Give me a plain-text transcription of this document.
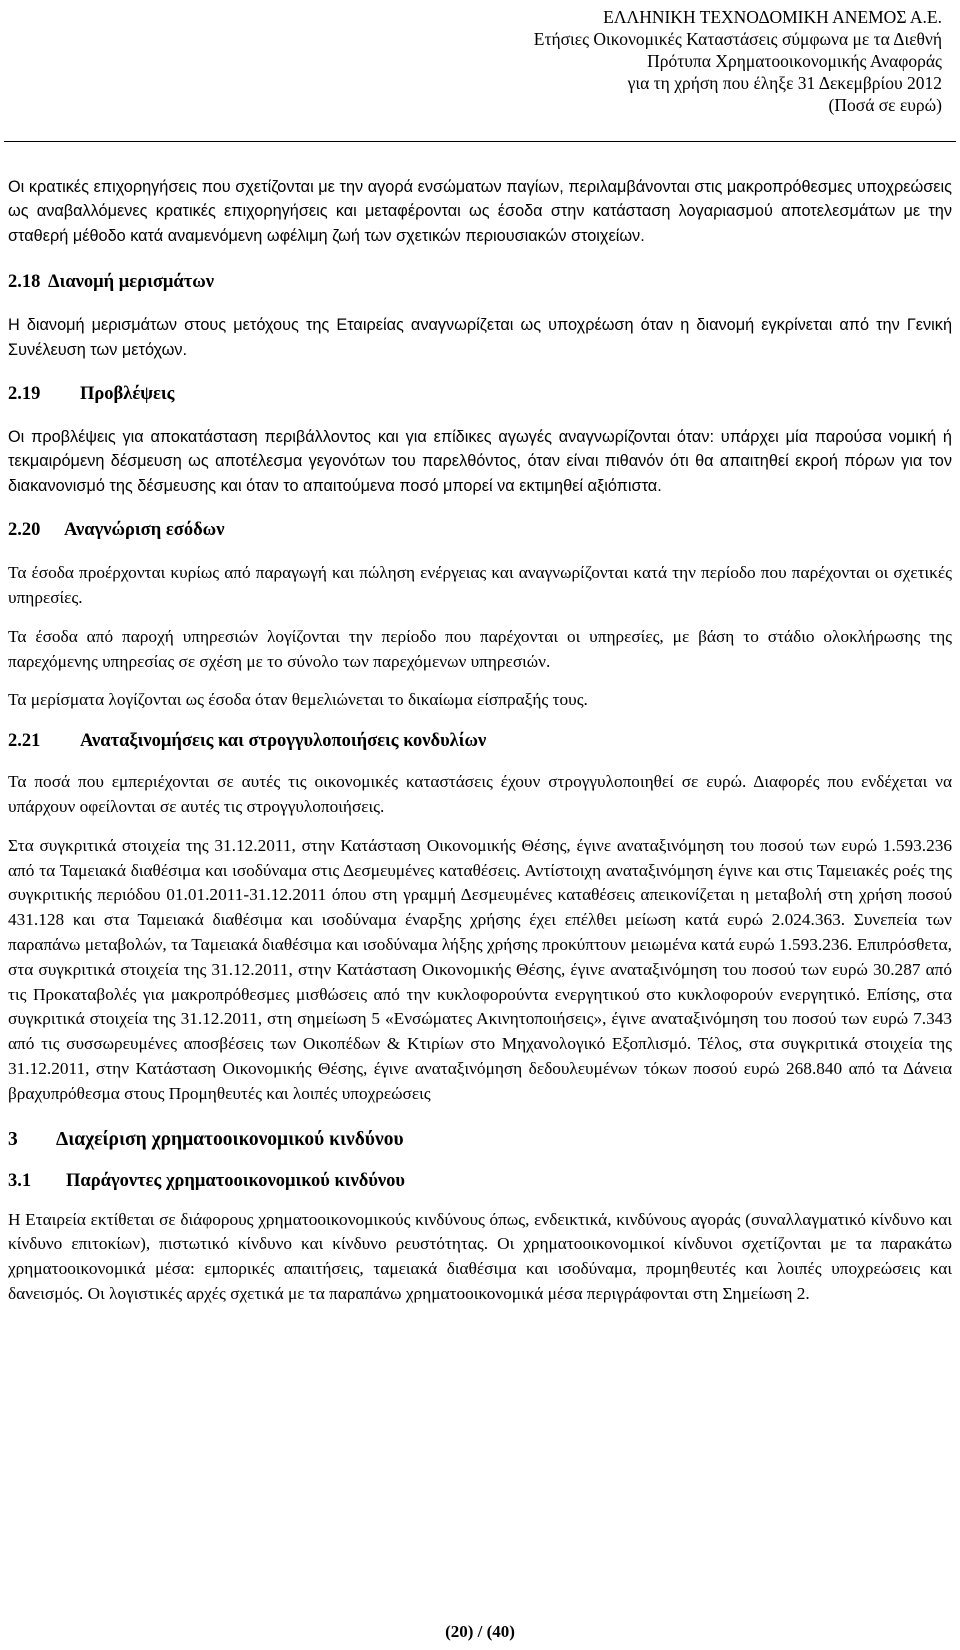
ΕΛΛΗΝΙΚΗ ΤΕΧΝΟΔΟΜΙΚΗ ΑΝΕΜΟΣ Α.Ε.
Ετήσιες Οικονομικές Καταστάσεις σύμφωνα με τα Διεθνή
Πρότυπα Χρηματοοικονομικής Αναφοράς
για τη χρήση που έληξε 31 Δεκεμβρίου 2012
(Ποσά σε ευρώ)

Οι κρατικές επιχορηγήσεις που σχετίζονται με την αγορά ενσώματων παγίων, περιλαμβάνονται στις μακροπρόθεσμες υποχρεώσεις ως αναβαλλόμενες κρατικές επιχορηγήσεις και μεταφέρονται ως έσοδα στην κατάσταση λογαριασμού αποτελεσμάτων με την σταθερή μέθοδο κατά αναμενόμενη ωφέλιμη ζωή των σχετικών περιουσιακών στοιχείων.

2.18 Διανομή μερισμάτων

Η διανομή μερισμάτων στους μετόχους της Εταιρείας αναγνωρίζεται ως υποχρέωση όταν η διανομή εγκρίνεται από την Γενική Συνέλευση των μετόχων.

2.19	Προβλέψεις

Οι προβλέψεις για αποκατάσταση περιβάλλοντος και για επίδικες αγωγές αναγνωρίζονται όταν: υπάρχει μία παρούσα νομική ή τεκμαιρόμενη δέσμευση ως αποτέλεσμα γεγονότων του παρελθόντος, όταν είναι πιθανόν ότι θα απαιτηθεί εκροή πόρων για τον διακανονισμό της δέσμευσης και όταν το απαιτούμενα ποσό μπορεί να εκτιμηθεί αξιόπιστα.

2.20	Αναγνώριση εσόδων

Τα έσοδα προέρχονται κυρίως από παραγωγή και πώληση ενέργειας και αναγνωρίζονται κατά την περίοδο που παρέχονται οι σχετικές υπηρεσίες.

Τα έσοδα από παροχή υπηρεσιών λογίζονται την περίοδο που παρέχονται οι υπηρεσίες, με βάση το στάδιο ολοκλήρωσης της παρεχόμενης υπηρεσίας σε σχέση με το σύνολο των παρεχόμενων υπηρεσιών.

Τα μερίσματα λογίζονται ως έσοδα όταν θεμελιώνεται το δικαίωμα είσπραξής τους.

2.21	Αναταξινομήσεις και στρογγυλοποιήσεις κονδυλίων

Τα ποσά που εμπεριέχονται σε αυτές τις οικονομικές καταστάσεις έχουν στρογγυλοποιηθεί σε ευρώ. Διαφορές που ενδέχεται να υπάρχουν οφείλονται σε αυτές τις στρογγυλοποιήσεις.

Στα συγκριτικά στοιχεία της 31.12.2011, στην Κατάσταση Οικονομικής Θέσης, έγινε αναταξινόμηση του ποσού των ευρώ 1.593.236 από τα Ταμειακά διαθέσιμα και ισοδύναμα στις Δεσμευμένες καταθέσεις. Αντίστοιχη αναταξινόμηση έγινε και στις Ταμειακές ροές της συγκριτικής περιόδου 01.01.2011-31.12.2011 όπου στη γραμμή Δεσμευμένες καταθέσεις απεικονίζεται η μεταβολή στη χρήση ποσού 431.128 και στα Ταμειακά διαθέσιμα και ισοδύναμα έναρξης χρήσης έχει επέλθει μείωση κατά ευρώ 2.024.363. Συνεπεία των παραπάνω μεταβολών, τα Ταμειακά διαθέσιμα και ισοδύναμα λήξης χρήσης προκύπτουν μειωμένα κατά ευρώ 1.593.236. Επιπρόσθετα, στα συγκριτικά στοιχεία της 31.12.2011, στην Κατάσταση Οικονομικής Θέσης, έγινε αναταξινόμηση του ποσού των ευρώ 30.287 από τις Προκαταβολές για μακροπρόθεσμες μισθώσεις από την κυκλοφορούντα ενεργητικού στο κυκλοφορούν ενεργητικό. Επίσης, στα συγκριτικά στοιχεία της 31.12.2011, στη σημείωση 5 «Ενσώματες Ακινητοποιήσεις», έγινε αναταξινόμηση του ποσού των ευρώ 7.343 από τις συσσωρευμένες αποσβέσεις των Οικοπέδων & Κτιρίων στο Μηχανολογικό Εξοπλισμό. Τέλος, στα συγκριτικά στοιχεία της 31.12.2011, στην Κατάσταση Οικονομικής Θέσης, έγινε αναταξινόμηση δεδουλευμένων τόκων ποσού ευρώ 268.840 από τα Δάνεια βραχυπρόθεσμα στους Προμηθευτές και λοιπές υποχρεώσεις

3	Διαχείριση χρηματοοικονομικού κινδύνου
3.1	Παράγοντες χρηματοοικονομικού κινδύνου

Η Εταιρεία εκτίθεται σε διάφορους χρηματοοικονομικούς κινδύνους όπως, ενδεικτικά, κινδύνους αγοράς (συναλλαγματικό κίνδυνο και κίνδυνο επιτοκίων), πιστωτικό κίνδυνο και κίνδυνο ρευστότητας. Οι χρηματοοικονομικοί κίνδυνοι σχετίζονται με τα παρακάτω χρηματοοικονομικά μέσα: εμπορικές απαιτήσεις, ταμειακά διαθέσιμα και ισοδύναμα, προμηθευτές και λοιπές υποχρεώσεις και δανεισμός. Οι λογιστικές αρχές σχετικά με τα παραπάνω χρηματοοικονομικά μέσα περιγράφονται στη Σημείωση 2.

(20) / (40)
